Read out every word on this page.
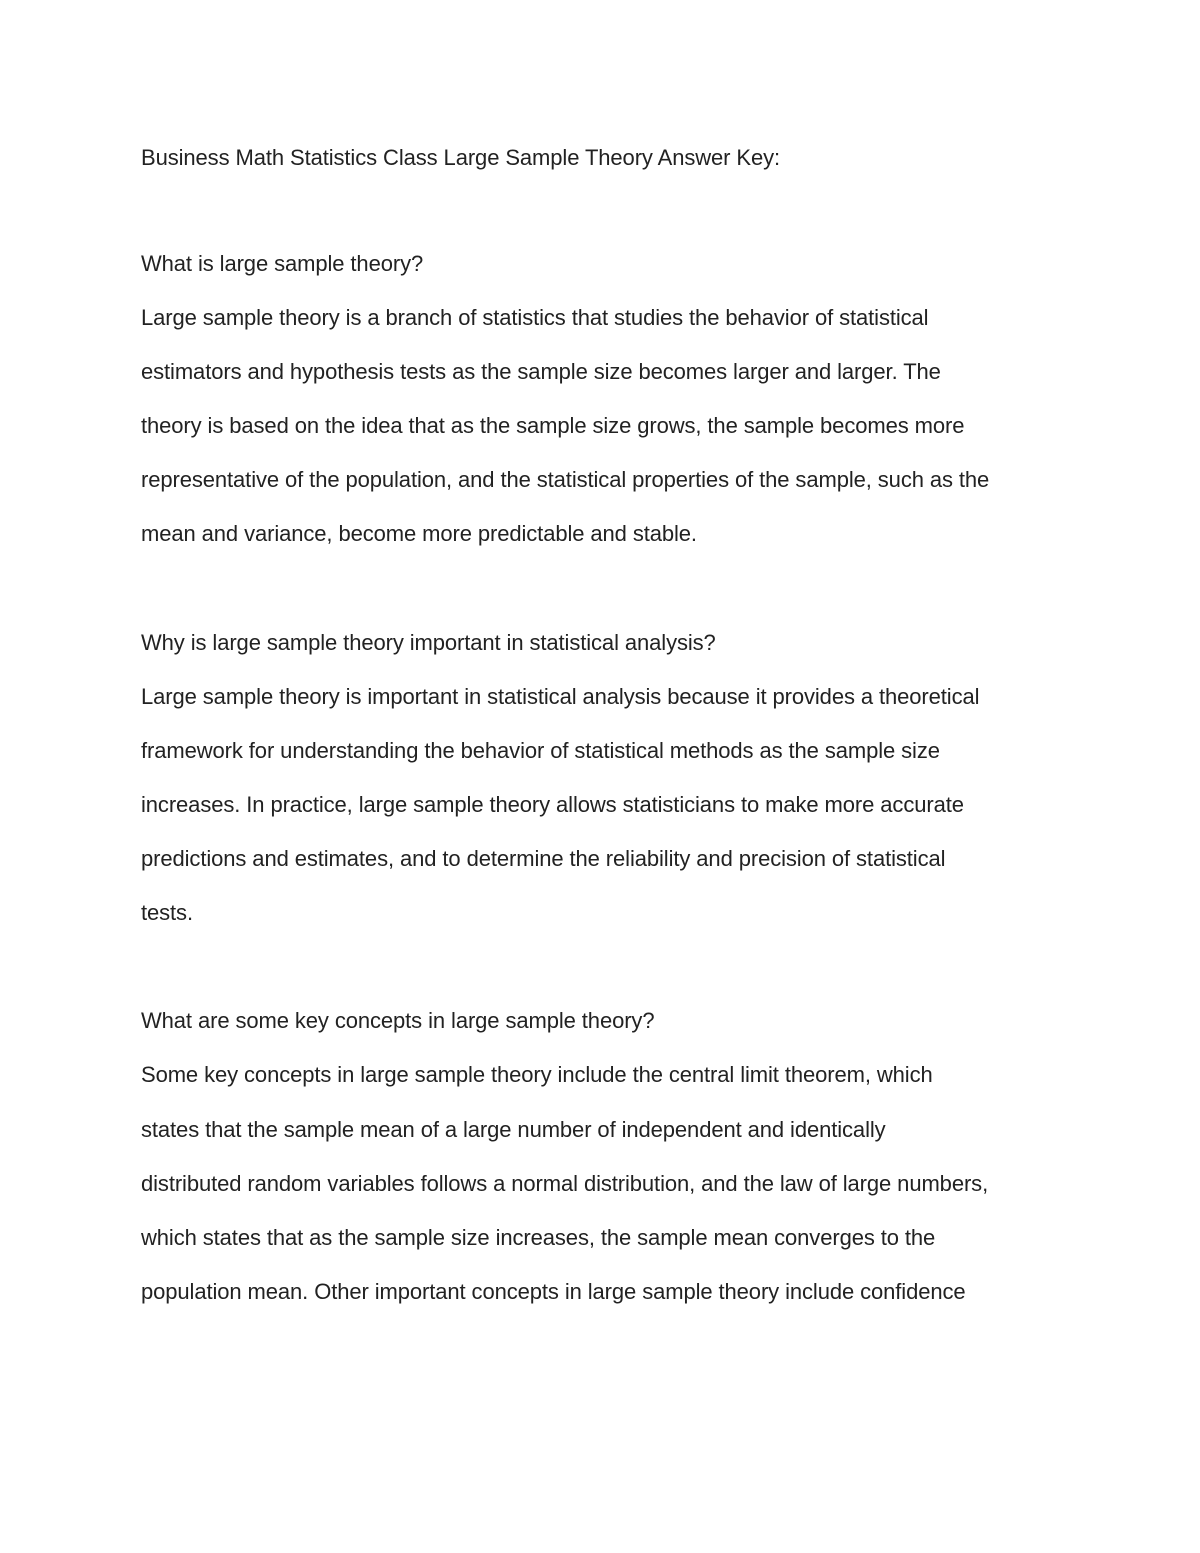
Business Math Statistics Class Large Sample Theory Answer Key:
What is large sample theory?
Large sample theory is a branch of statistics that studies the behavior of statistical
estimators and hypothesis tests as the sample size becomes larger and larger. The
theory is based on the idea that as the sample size grows, the sample becomes more
representative of the population, and the statistical properties of the sample, such as the
mean and variance, become more predictable and stable.
Why is large sample theory important in statistical analysis?
Large sample theory is important in statistical analysis because it provides a theoretical
framework for understanding the behavior of statistical methods as the sample size
increases. In practice, large sample theory allows statisticians to make more accurate
predictions and estimates, and to determine the reliability and precision of statistical
tests.
What are some key concepts in large sample theory?
Some key concepts in large sample theory include the central limit theorem, which
states that the sample mean of a large number of independent and identically
distributed random variables follows a normal distribution, and the law of large numbers,
which states that as the sample size increases, the sample mean converges to the
population mean. Other important concepts in large sample theory include confidence
